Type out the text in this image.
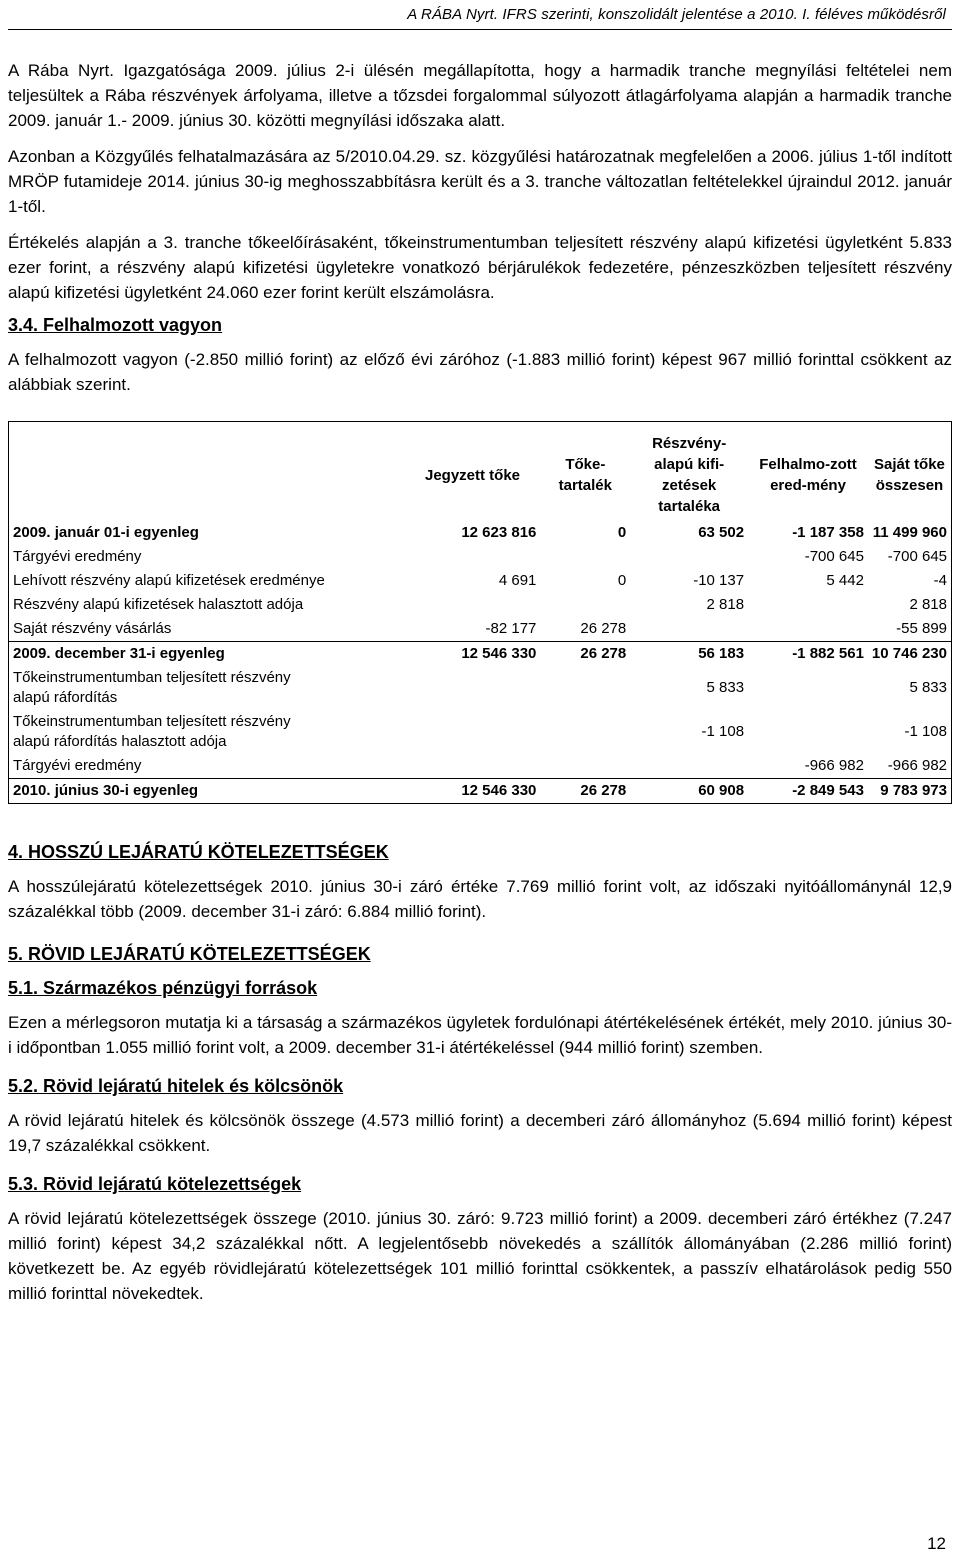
A RÁBA Nyrt. IFRS szerinti, konszolidált jelentése a 2010. I. féléves működésről

A Rába Nyrt. Igazgatósága 2009. július 2-i ülésén megállapította, hogy a harmadik tranche megnyílási feltételei nem teljesültek a Rába részvények árfolyama, illetve a tőzsdei forgalommal súlyozott átlagárfolyama alapján a harmadik tranche 2009. január 1.- 2009. június 30. közötti megnyílási időszaka alatt.

Azonban a Közgyűlés felhatalmazására az 5/2010.04.29. sz. közgyűlési határozatnak megfelelően a 2006. július 1-től indított MRÖP futamideje 2014. június 30-ig meghosszabbításra került és a 3. tranche változatlan feltételekkel újraindul 2012. január 1-től.

Értékelés alapján a 3. tranche tőkeelőírásaként, tőkeinstrumentumban teljesített részvény alapú kifizetési ügyletként 5.833 ezer forint, a részvény alapú kifizetési ügyletekre vonatkozó bérjárulékok fedezetére, pénzeszközben teljesített részvény alapú kifizetési ügyletként 24.060 ezer forint került elszámolásra.

3.4. Felhalmozott vagyon

A felhalmozott vagyon (-2.850 millió forint) az előző évi záróhoz (-1.883 millió forint) képest 967 millió forinttal csökkent az alábbiak szerint.

	Jegyzett tőke	Tőke-tartalék	Részvény-alapú kifi-zetések tartaléka	Felhalmo-zott ered-mény	Saját tőke összesen
2009. január 01-i egyenleg	12 623 816	0	63 502	-1 187 358	11 499 960
Tárgyévi eredmény				-700 645	-700 645
Lehívott részvény alapú kifizetések eredménye	4 691	0	-10 137	5 442	-4
Részvény alapú kifizetések halasztott adója			2 818		2 818
Saját részvény vásárlás	-82 177	26 278			-55 899
2009. december 31-i egyenleg	12 546 330	26 278	56 183	-1 882 561	10 746 230
Tőkeinstrumentumban teljesített részvény alapú ráfordítás			5 833		5 833
Tőkeinstrumentumban teljesített részvény alapú ráfordítás halasztott adója			-1 108		-1 108
Tárgyévi eredmény				-966 982	-966 982
2010. június 30-i egyenleg	12 546 330	26 278	60 908	-2 849 543	9 783 973
4. HOSSZÚ LEJÁRATÚ KÖTELEZETTSÉGEK

A hosszúlejáratú kötelezettségek 2010. június 30-i záró értéke 7.769 millió forint volt, az időszaki nyitóállománynál 12,9 százalékkal több (2009. december 31-i záró: 6.884 millió forint).

5. RÖVID LEJÁRATÚ KÖTELEZETTSÉGEK
5.1. Származékos pénzügyi források

Ezen a mérlegsoron mutatja ki a társaság a származékos ügyletek fordulónapi átértékelésének értékét, mely 2010. június 30-i időpontban 1.055 millió forint volt, a 2009. december 31-i átértékeléssel (944 millió forint) szemben.

5.2. Rövid lejáratú hitelek és kölcsönök

A rövid lejáratú hitelek és kölcsönök összege (4.573 millió forint) a decemberi záró állományhoz (5.694 millió forint) képest 19,7 százalékkal csökkent.

5.3. Rövid lejáratú kötelezettségek

A rövid lejáratú kötelezettségek összege (2010. június 30. záró: 9.723 millió forint) a 2009. decemberi záró értékhez (7.247 millió forint) képest 34,2 százalékkal nőtt. A legjelentősebb növekedés a szállítók állományában (2.286 millió forint) következett be. Az egyéb rövidlejáratú kötelezettségek 101 millió forinttal csökkentek, a passzív elhatárolások pedig 550 millió forinttal növekedtek.

12
